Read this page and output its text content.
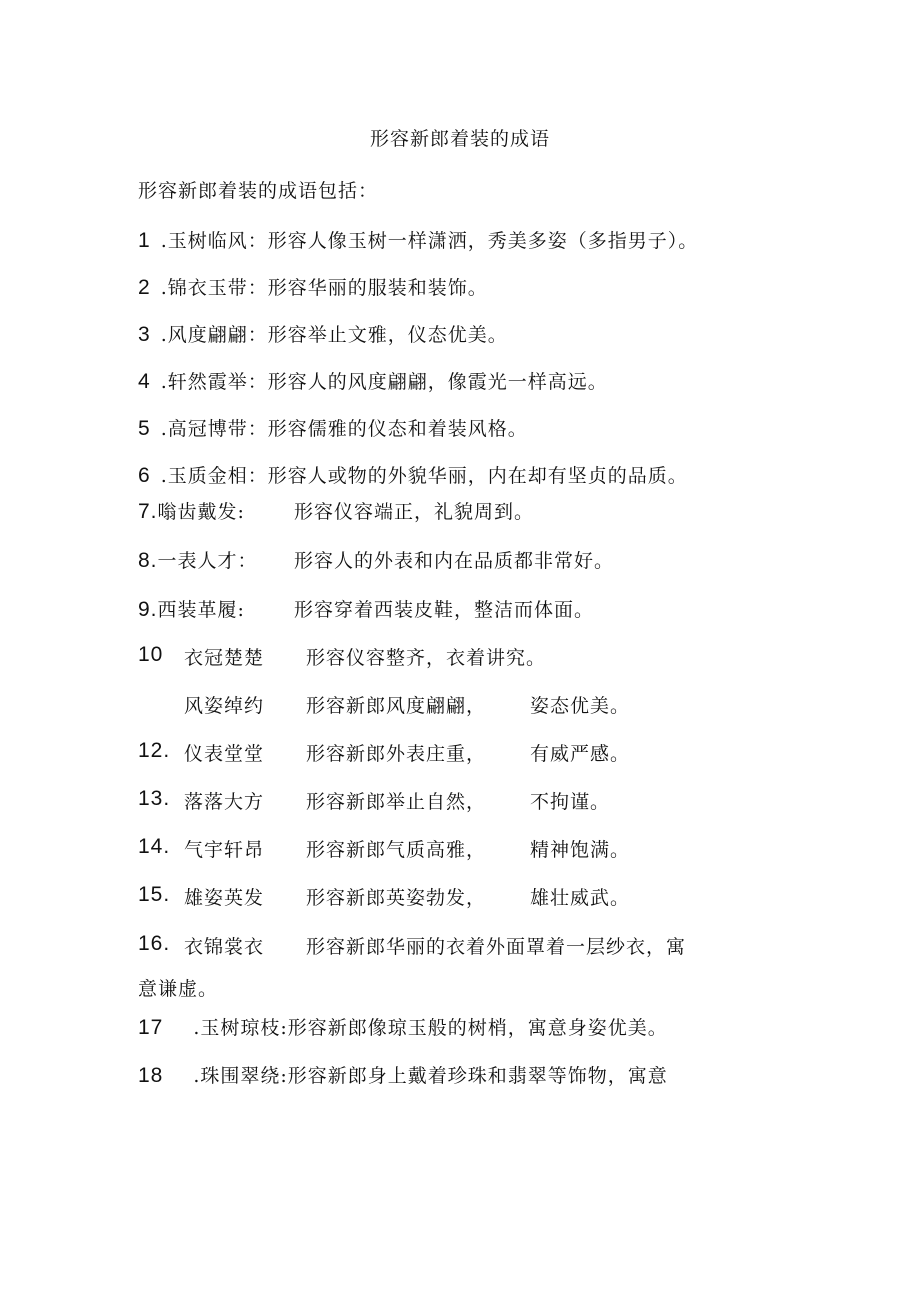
形容新郎着装的成语
形容新郎着装的成语包括：
1 .玉树临风：形容人像玉树一样潇洒，秀美多姿（多指男子）。
2 .锦衣玉带：形容华丽的服装和装饰。
3 .风度翩翩：形容举止文雅，仪态优美。
4 .轩然霞举：形容人的风度翩翩，像霞光一样高远。
5 .高冠博带：形容儒雅的仪态和着装风格。
6 .玉质金相：形容人或物的外貌华丽，内在却有坚贞的品质。
7.嗡齿戴发:	形容仪容端正，礼貌周到。
8.一表人才： 形容人的外表和内在品质都非常好。
9.西装革履:	形容穿着西装皮鞋，整洁而体面。
10 衣冠楚楚 形容仪容整齐，衣着讲究。
风姿绰约 形容新郎风度翩翩， 姿态优美。
12. 仪表堂堂 形容新郎外表庄重， 有威严感。
13. 落落大方 形容新郎举止自然， 不拘谨。
14. 气宇轩昂 形容新郎气质高雅， 精神饱满。
15. 雄姿英发 形容新郎英姿勃发， 雄壮威武。
16. 衣锦裳衣 形容新郎华丽的衣着外面罩着一层纱衣，寓
意谦虚。
17 .玉树琼枝:形容新郎像琼玉般的树梢，寓意身姿优美。
18 .珠围翠绕:形容新郎身上戴着珍珠和翡翠等饰物，寓意
